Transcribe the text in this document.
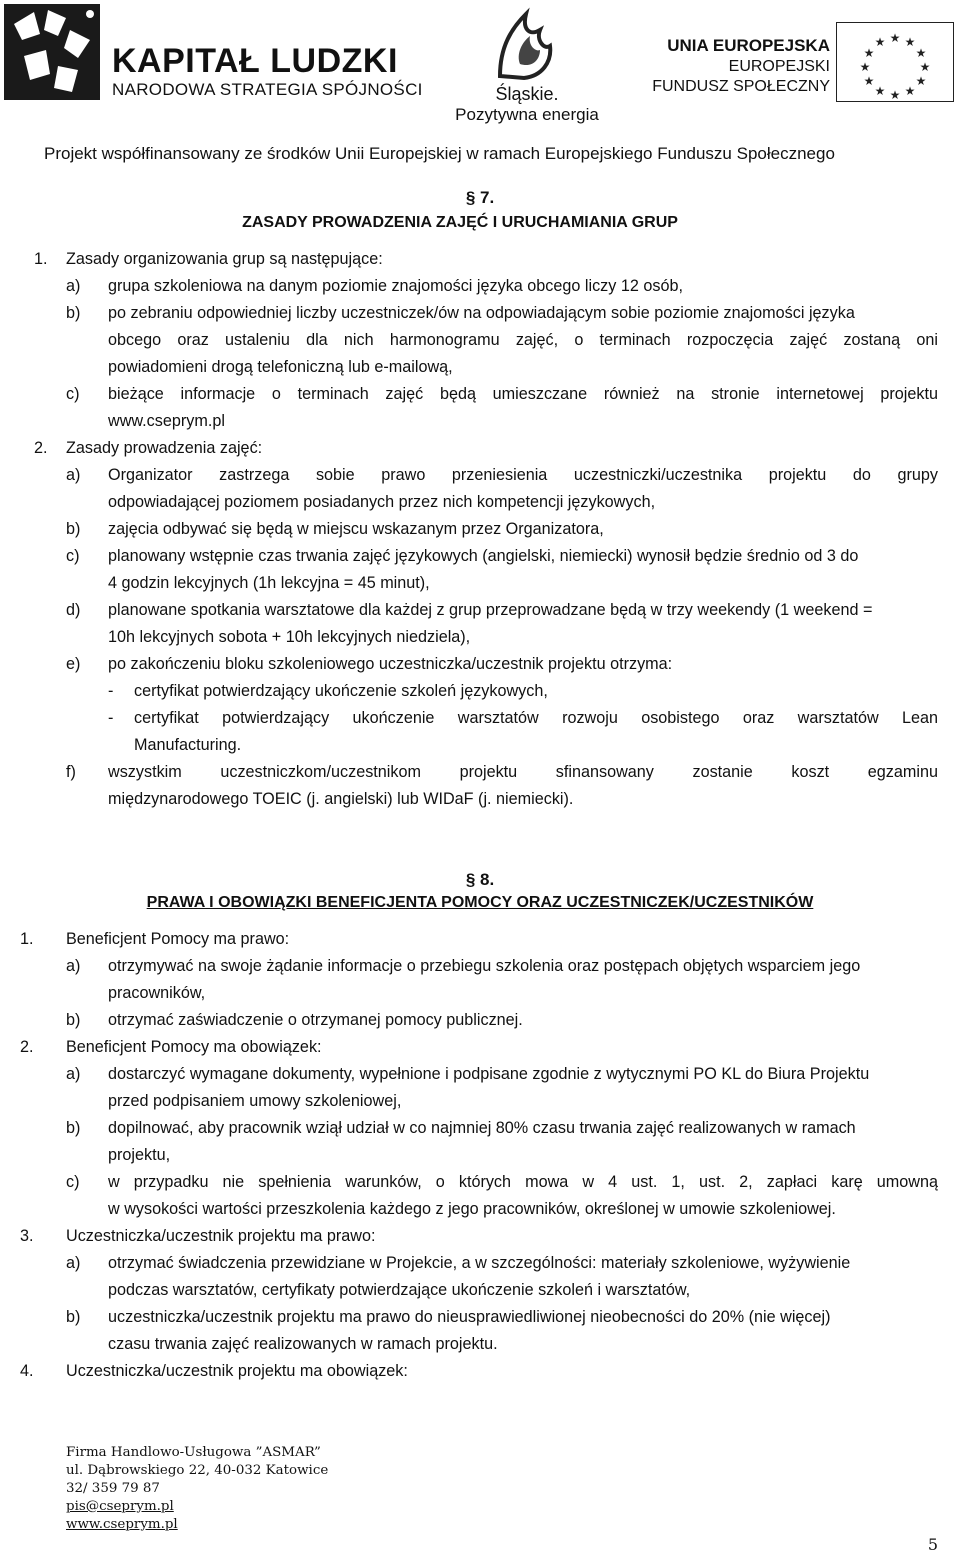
KAPITAŁ LUDZKI
NARODOWA STRATEGIA SPÓJNOŚCI	Śląskie.
Pozytywna energia
UNIA EUROPEJSKA
EUROPEJSKI
FUNDUSZ SPOŁECZNY
★ ★
★
★
★
★
★
★
★
★
★
★
Projekt współfinansowany ze środków Unii Europejskiej w ramach Europejskiego Funduszu Społecznego
§ 7.
ZASADY PROWADZENIA ZAJĘĆ I URUCHAMIANIA GRUP
1. Zasady organizowania grup są następujące:
a) grupa szkoleniowa na danym poziomie znajomości języka obcego liczy 12 osób,
b) po zebraniu odpowiedniej liczby uczestniczek/ów na odpowiadającym sobie poziomie znajomości języka
obcego oraz ustaleniu dla nich harmonogramu zajęć, o terminach rozpoczęcia zajęć zostaną oni
powiadomieni drogą telefoniczną lub e-mailową,
c) bieżące informacje o terminach zajęć będą umieszczane również na stronie internetowej projektu
www.cseprym.pl
2. Zasady prowadzenia zajęć:
a) Organizator zastrzega sobie prawo przeniesienia uczestniczki/uczestnika projektu do grupy
odpowiadającej poziomem posiadanych przez nich kompetencji językowych,
b) zajęcia odbywać się będą w miejscu wskazanym przez Organizatora,
c) planowany wstępnie czas trwania zajęć językowych (angielski, niemiecki) wynosił będzie średnio od 3 do
4 godzin lekcyjnych (1h lekcyjna = 45 minut),
d) planowane spotkania warsztatowe dla każdej z grup przeprowadzane będą w trzy weekendy (1 weekend =
10h lekcyjnych sobota + 10h lekcyjnych niedziela),
e) po zakończeniu bloku szkoleniowego uczestniczka/uczestnik projektu otrzyma:
- certyfikat potwierdzający ukończenie szkoleń językowych,
- certyfikat potwierdzający ukończenie warsztatów rozwoju osobistego oraz warsztatów Lean
Manufacturing.
f) wszystkim uczestniczkom/uczestnikom projektu sfinansowany zostanie koszt egzaminu
międzynarodowego TOEIC (j. angielski) lub WIDaF (j. niemiecki).
§ 8.
PRAWA I OBOWIĄZKI BENEFICJENTA POMOCY ORAZ UCZESTNICZEK/UCZESTNIKÓW
1. Beneficjent Pomocy ma prawo:
a) otrzymywać na swoje żądanie informacje o przebiegu szkolenia oraz postępach objętych wsparciem jego
pracowników,
b) otrzymać zaświadczenie o otrzymanej pomocy publicznej.
2. Beneficjent Pomocy ma obowiązek:
a) dostarczyć wymagane dokumenty, wypełnione i podpisane zgodnie z wytycznymi PO KL do Biura Projektu
przed podpisaniem umowy szkoleniowej,
b) dopilnować, aby pracownik wziął udział w co najmniej 80% czasu trwania zajęć realizowanych w ramach
projektu,
c) w przypadku nie spełnienia warunków, o których mowa w 4 ust. 1, ust. 2, zapłaci karę umowną
w wysokości wartości przeszkolenia każdego z jego pracowników, określonej w umowie szkoleniowej.
3. Uczestniczka/uczestnik projektu ma prawo:
a) otrzymać świadczenia przewidziane w Projekcie, a w szczególności: materiały szkoleniowe, wyżywienie
podczas warsztatów, certyfikaty potwierdzające ukończenie szkoleń i warsztatów,
b) uczestniczka/uczestnik projektu ma prawo do nieusprawiedliwionej nieobecności do 20% (nie więcej)
czasu trwania zajęć realizowanych w ramach projektu.
4. Uczestniczka/uczestnik projektu ma obowiązek:
Firma Handlowo-Usługowa ”ASMAR”
ul. Dąbrowskiego 22, 40-032 Katowice
32/ 359 79 87
pis@cseprym.pl
www.cseprym.pl
5
